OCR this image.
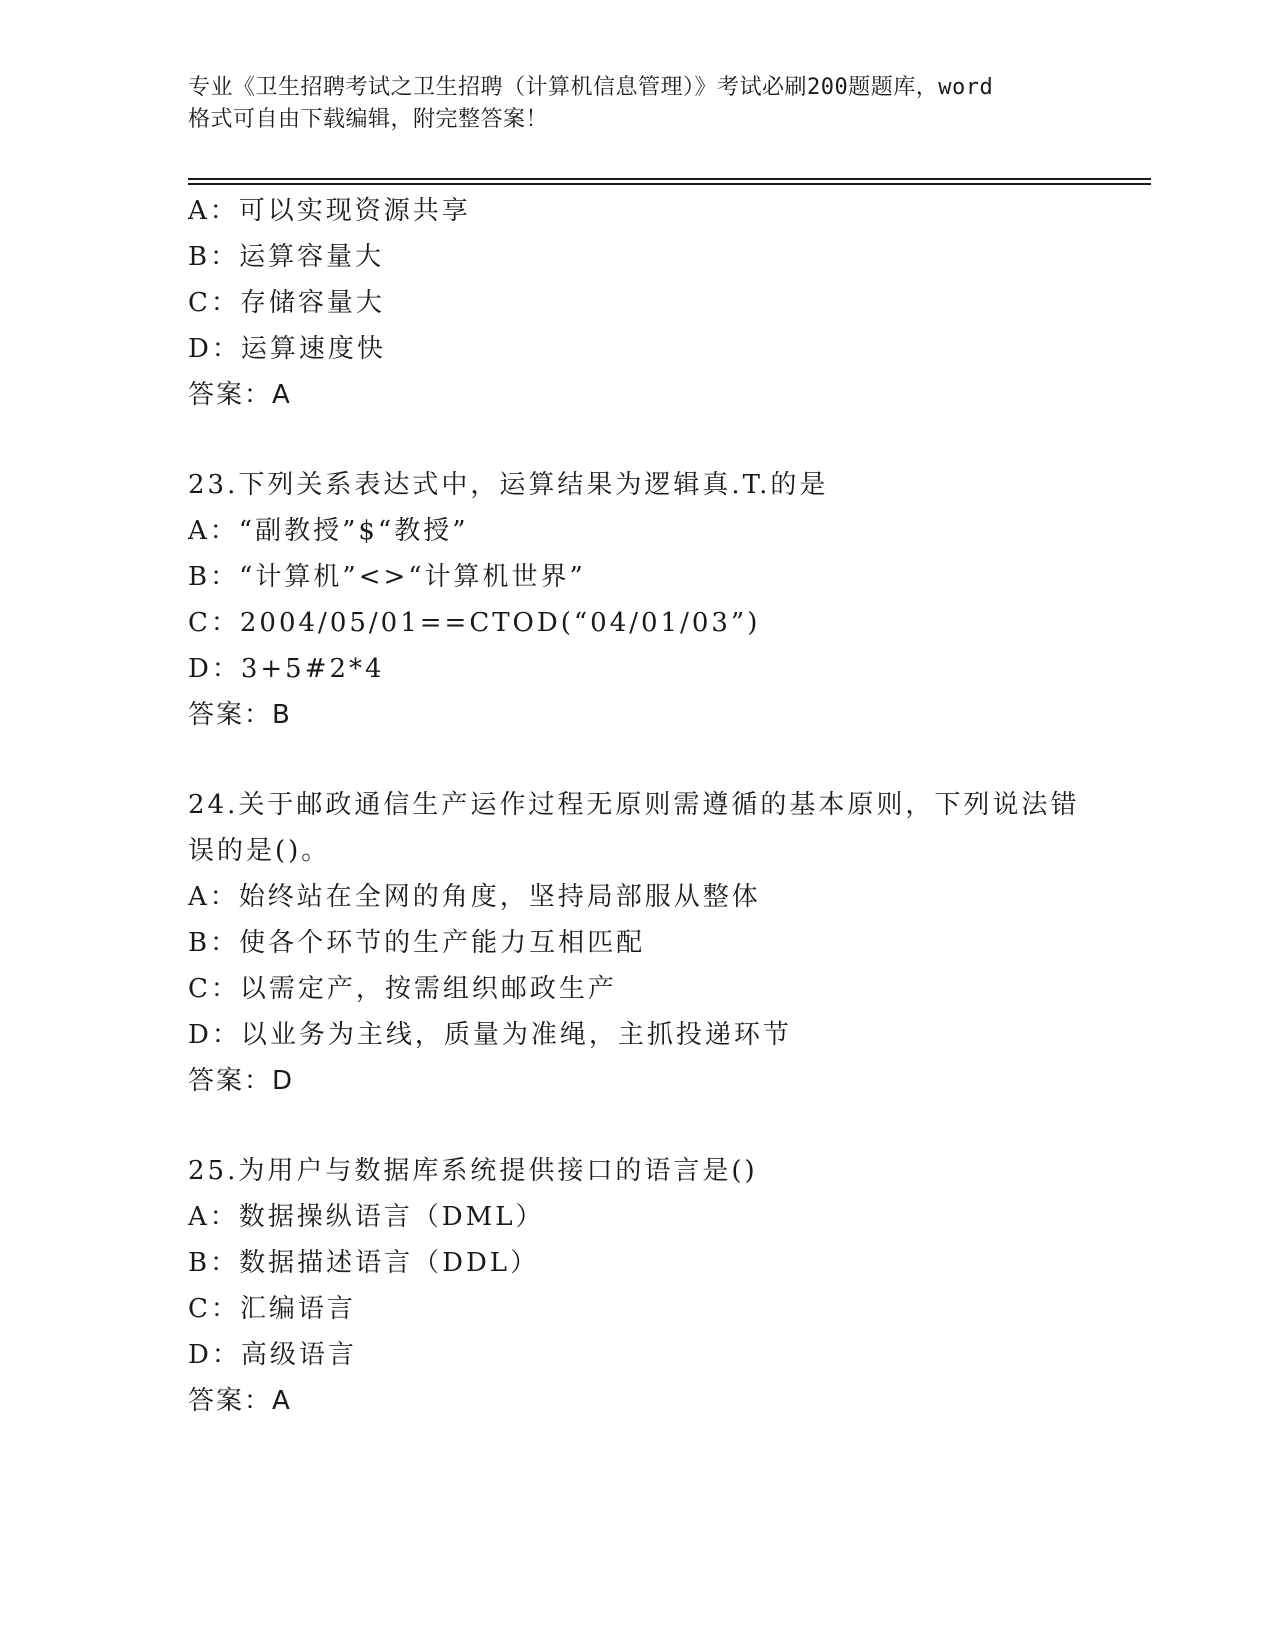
专业《卫生招聘考试之卫生招聘（计算机信息管理）》考试必刷200题题库，word
格式可自由下载编辑，附完整答案！
A：可以实现资源共享
B：运算容量大
C：存储容量大
D：运算速度快
答案：A
23.下列关系表达式中，运算结果为逻辑真.T.的是
A：“副教授”$“教授”
B：“计算机”<>“计算机世界”
C：2004/05/01==CTOD(“04/01/03”)
D：3+5#2*4
答案：B
24.关于邮政通信生产运作过程无原则需遵循的基本原则，下列说法错
误的是()。
A：始终站在全网的角度，坚持局部服从整体
B：使各个环节的生产能力互相匹配
C：以需定产，按需组织邮政生产
D：以业务为主线，质量为准绳，主抓投递环节
答案：D
25.为用户与数据库系统提供接口的语言是()
A：数据操纵语言（DML）
B：数据描述语言（DDL）
C：汇编语言
D：高级语言
答案：A
